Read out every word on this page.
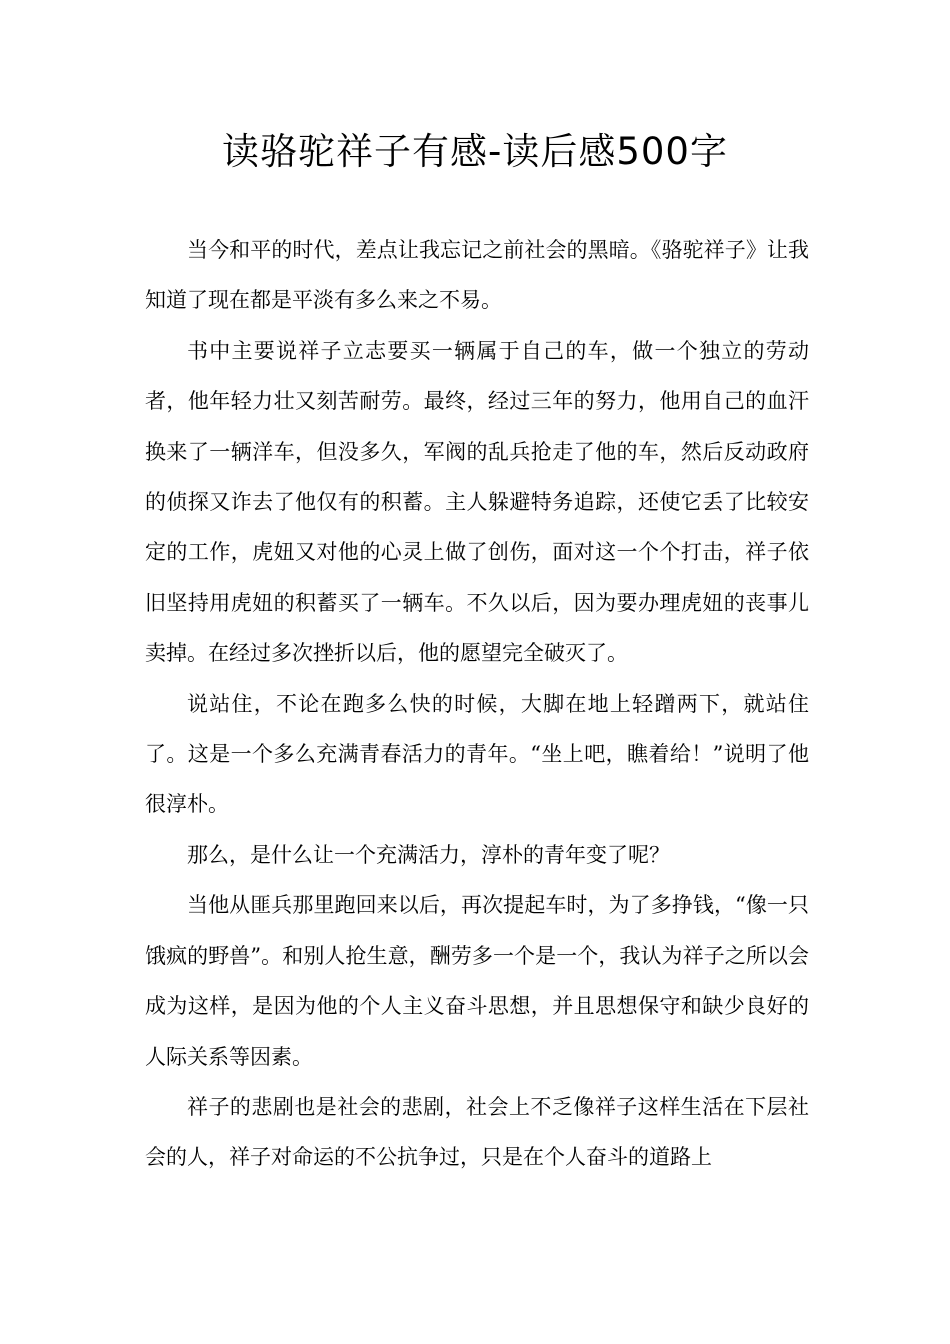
读骆驼祥子有感-读后感500字

当今和平的时代，差点让我忘记之前社会的黑暗。《骆驼祥子》让我知道了现在都是平淡有多么来之不易。

书中主要说祥子立志要买一辆属于自己的车，做一个独立的劳动者，他年轻力壮又刻苦耐劳。最终，经过三年的努力，他用自己的血汗换来了一辆洋车，但没多久，军阀的乱兵抢走了他的车，然后反动政府的侦探又诈去了他仅有的积蓄。主人躲避特务追踪，还使它丢了比较安定的工作，虎妞又对他的心灵上做了创伤，面对这一个个打击，祥子依旧坚持用虎妞的积蓄买了一辆车。不久以后，因为要办理虎妞的丧事儿卖掉。在经过多次挫折以后，他的愿望完全破灭了。

说站住，不论在跑多么快的时候，大脚在地上轻蹭两下，就站住了。这是一个多么充满青春活力的青年。“坐上吧，瞧着给！”说明了他很淳朴。

那么，是什么让一个充满活力，淳朴的青年变了呢？

当他从匪兵那里跑回来以后，再次提起车时，为了多挣钱，“像一只饿疯的野兽”。和别人抢生意，酬劳多一个是一个，我认为祥子之所以会成为这样，是因为他的个人主义奋斗思想，并且思想保守和缺少良好的人际关系等因素。

祥子的悲剧也是社会的悲剧，社会上不乏像祥子这样生活在下层社会的人，祥子对命运的不公抗争过，只是在个人奋斗的道路上
